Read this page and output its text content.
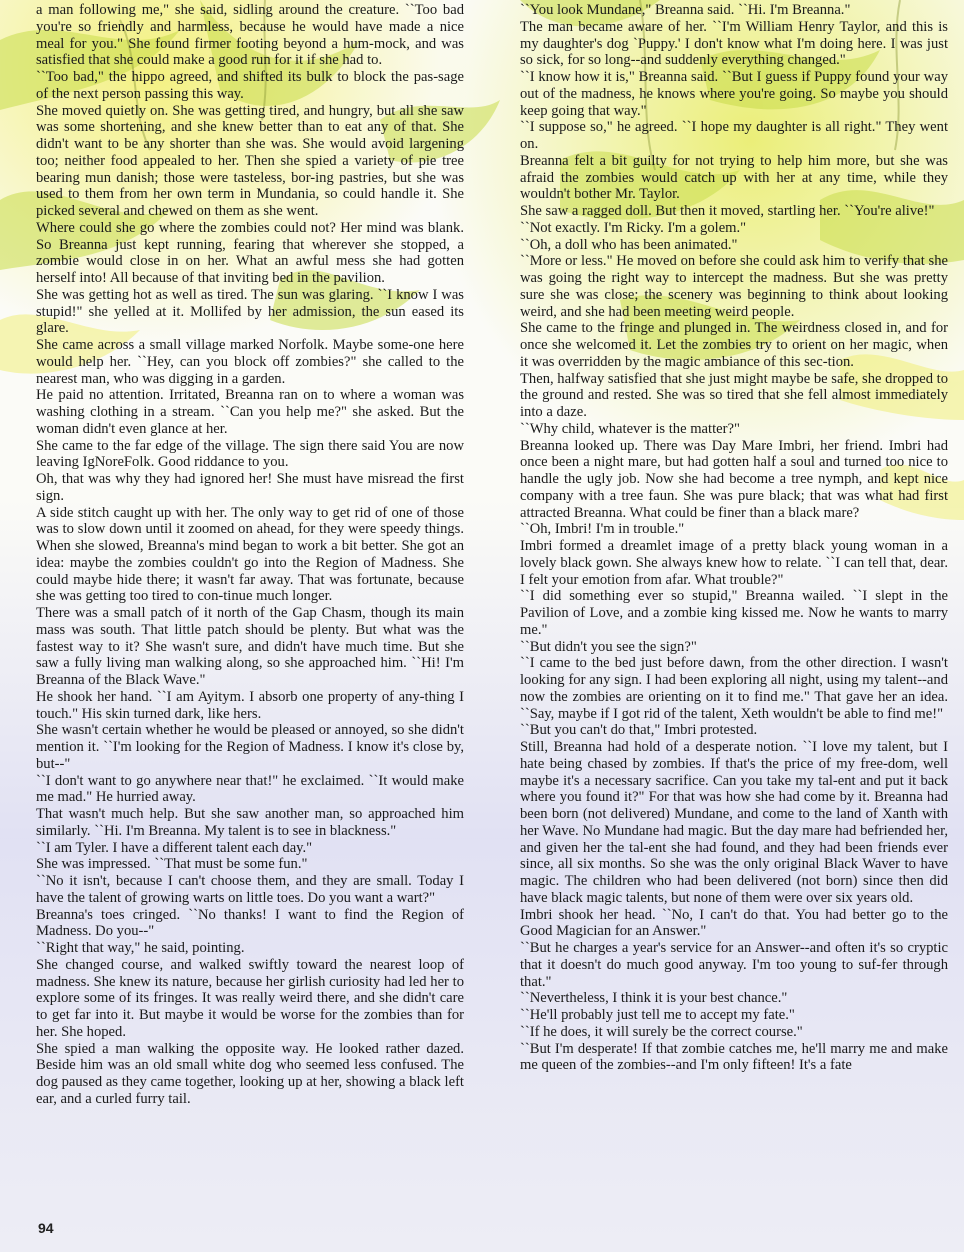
a man following me," she said, sidling around the creature. ``Too bad you're so friendly and harmless, because he would have made a nice meal for you." She found firmer footing beyond a hum-mock, and was satisfied that she could make a good run for it if she had to.

``Too bad," the hippo agreed, and shifted its bulk to block the pas-sage of the next person passing this way.

She moved quietly on. She was getting tired, and hungry, but all she saw was some shortening, and she knew better than to eat any of that. She didn't want to be any shorter than she was. She would avoid largening too; neither food appealed to her. Then she spied a variety of pie tree bearing mun danish; those were tasteless, bor-ing pastries, but she was used to them from her own term in Mundania, so could handle it. She picked several and chewed on them as she went.

Where could she go where the zombies could not? Her mind was blank. So Breanna just kept running, fearing that wherever she stopped, a zombie would close in on her. What an awful mess she had gotten herself into! All because of that inviting bed in the pavilion.

She was getting hot as well as tired. The sun was glaring. ``I know I was stupid!" she yelled at it. Mollifed by her admission, the sun eased its glare.

She came across a small village marked Norfolk. Maybe some-one here would help her. ``Hey, can you block off zombies?" she called to the nearest man, who was digging in a garden.

He paid no attention. Irritated, Breanna ran on to where a woman was washing clothing in a stream. ``Can you help me?" she asked. But the woman didn't even glance at her.

She came to the far edge of the village. The sign there said You are now leaving IgNoreFolk. Good riddance to you.

Oh, that was why they had ignored her! She must have misread the first sign.

A side stitch caught up with her. The only way to get rid of one of those was to slow down until it zoomed on ahead, for they were speedy things. When she slowed, Breanna's mind began to work a bit better. She got an idea: maybe the zombies couldn't go into the Region of Madness. She could maybe hide there; it wasn't far away. That was fortunate, because she was getting too tired to con-tinue much longer.

There was a small patch of it north of the Gap Chasm, though its main mass was south. That little patch should be plenty. But what was the fastest way to it? She wasn't sure, and didn't have much time. But she saw a fully living man walking along, so she approached him. ``Hi! I'm Breanna of the Black Wave."

He shook her hand. ``I am Ayitym. I absorb one property of any-thing I touch." His skin turned dark, like hers.

She wasn't certain whether he would be pleased or annoyed, so she didn't mention it. ``I'm looking for the Region of Madness. I know it's close by, but--"

``I don't want to go anywhere near that!" he exclaimed. ``It would make me mad." He hurried away.

That wasn't much help. But she saw another man, so approached him similarly. ``Hi. I'm Breanna. My talent is to see in blackness."

``I am Tyler. I have a different talent each day."

She was impressed. ``That must be some fun."

``No it isn't, because I can't choose them, and they are small. Today I have the talent of growing warts on little toes. Do you want a wart?"

Breanna's toes cringed. ``No thanks! I want to find the Region of Madness. Do you--"

``Right that way," he said, pointing.

She changed course, and walked swiftly toward the nearest loop of madness. She knew its nature, because her girlish curiosity had led her to explore some of its fringes. It was really weird there, and she didn't care to get far into it. But maybe it would be worse for the zombies than for her. She hoped.

She spied a man walking the opposite way. He looked rather dazed. Beside him was an old small white dog who seemed less confused. The dog paused as they came together, looking up at her, showing a black left ear, and a curled furry tail.

``You look Mundane," Breanna said. ``Hi. I'm Breanna."

The man became aware of her. ``I'm William Henry Taylor, and this is my daughter's dog `Puppy.' I don't know what I'm doing here. I was just so sick, for so long--and suddenly everything changed."

``I know how it is," Breanna said. ``But I guess if Puppy found your way out of the madness, he knows where you're going. So maybe you should keep going that way."

``I suppose so," he agreed. ``I hope my daughter is all right." They went on.

Breanna felt a bit guilty for not trying to help him more, but she was afraid the zombies would catch up with her at any time, while they wouldn't bother Mr. Taylor.

She saw a ragged doll. But then it moved, startling her. ``You're alive!"

``Not exactly. I'm Ricky. I'm a golem."

``Oh, a doll who has been animated."

``More or less." He moved on before she could ask him to verify that she was going the right way to intercept the madness. But she was pretty sure she was close; the scenery was beginning to think about looking weird, and she had been meeting weird people.

She came to the fringe and plunged in. The weirdness closed in, and for once she welcomed it. Let the zombies try to orient on her magic, when it was overridden by the magic ambiance of this sec-tion.

Then, halfway satisfied that she just might maybe be safe, she dropped to the ground and rested. She was so tired that she fell almost immediately into a daze.

``Why child, whatever is the matter?"

Breanna looked up. There was Day Mare Imbri, her friend. Imbri had once been a night mare, but had gotten half a soul and turned too nice to handle the ugly job. Now she had become a tree nymph, and kept nice company with a tree faun. She was pure black; that was what had first attracted Breanna. What could be finer than a black mare?

``Oh, Imbri! I'm in trouble."

Imbri formed a dreamlet image of a pretty black young woman in a lovely black gown. She always knew how to relate. ``I can tell that, dear. I felt your emotion from afar. What trouble?"

``I did something ever so stupid," Breanna wailed. ``I slept in the Pavilion of Love, and a zombie king kissed me. Now he wants to marry me."

``But didn't you see the sign?"

``I came to the bed just before dawn, from the other direction. I wasn't looking for any sign. I had been exploring all night, using my talent--and now the zombies are orienting on it to find me." That gave her an idea. ``Say, maybe if I got rid of the talent, Xeth wouldn't be able to find me!"

``But you can't do that," Imbri protested.

Still, Breanna had hold of a desperate notion. ``I love my talent, but I hate being chased by zombies. If that's the price of my free-dom, well maybe it's a necessary sacrifice. Can you take my tal-ent and put it back where you found it?" For that was how she had come by it. Breanna had been born (not delivered) Mundane, and come to the land of Xanth with her Wave. No Mundane had magic. But the day mare had befriended her, and given her the tal-ent she had found, and they had been friends ever since, all six months. So she was the only original Black Waver to have magic. The children who had been delivered (not born) since then did have black magic talents, but none of them were over six years old.

Imbri shook her head. ``No, I can't do that. You had better go to the Good Magician for an Answer."

``But he charges a year's service for an Answer--and often it's so cryptic that it doesn't do much good anyway. I'm too young to suf-fer through that."

``Nevertheless, I think it is your best chance."

``He'll probably just tell me to accept my fate."

``If he does, it will surely be the correct course."

``But I'm desperate! If that zombie catches me, he'll marry me and make me queen of the zombies--and I'm only fifteen! It's a fate

94
